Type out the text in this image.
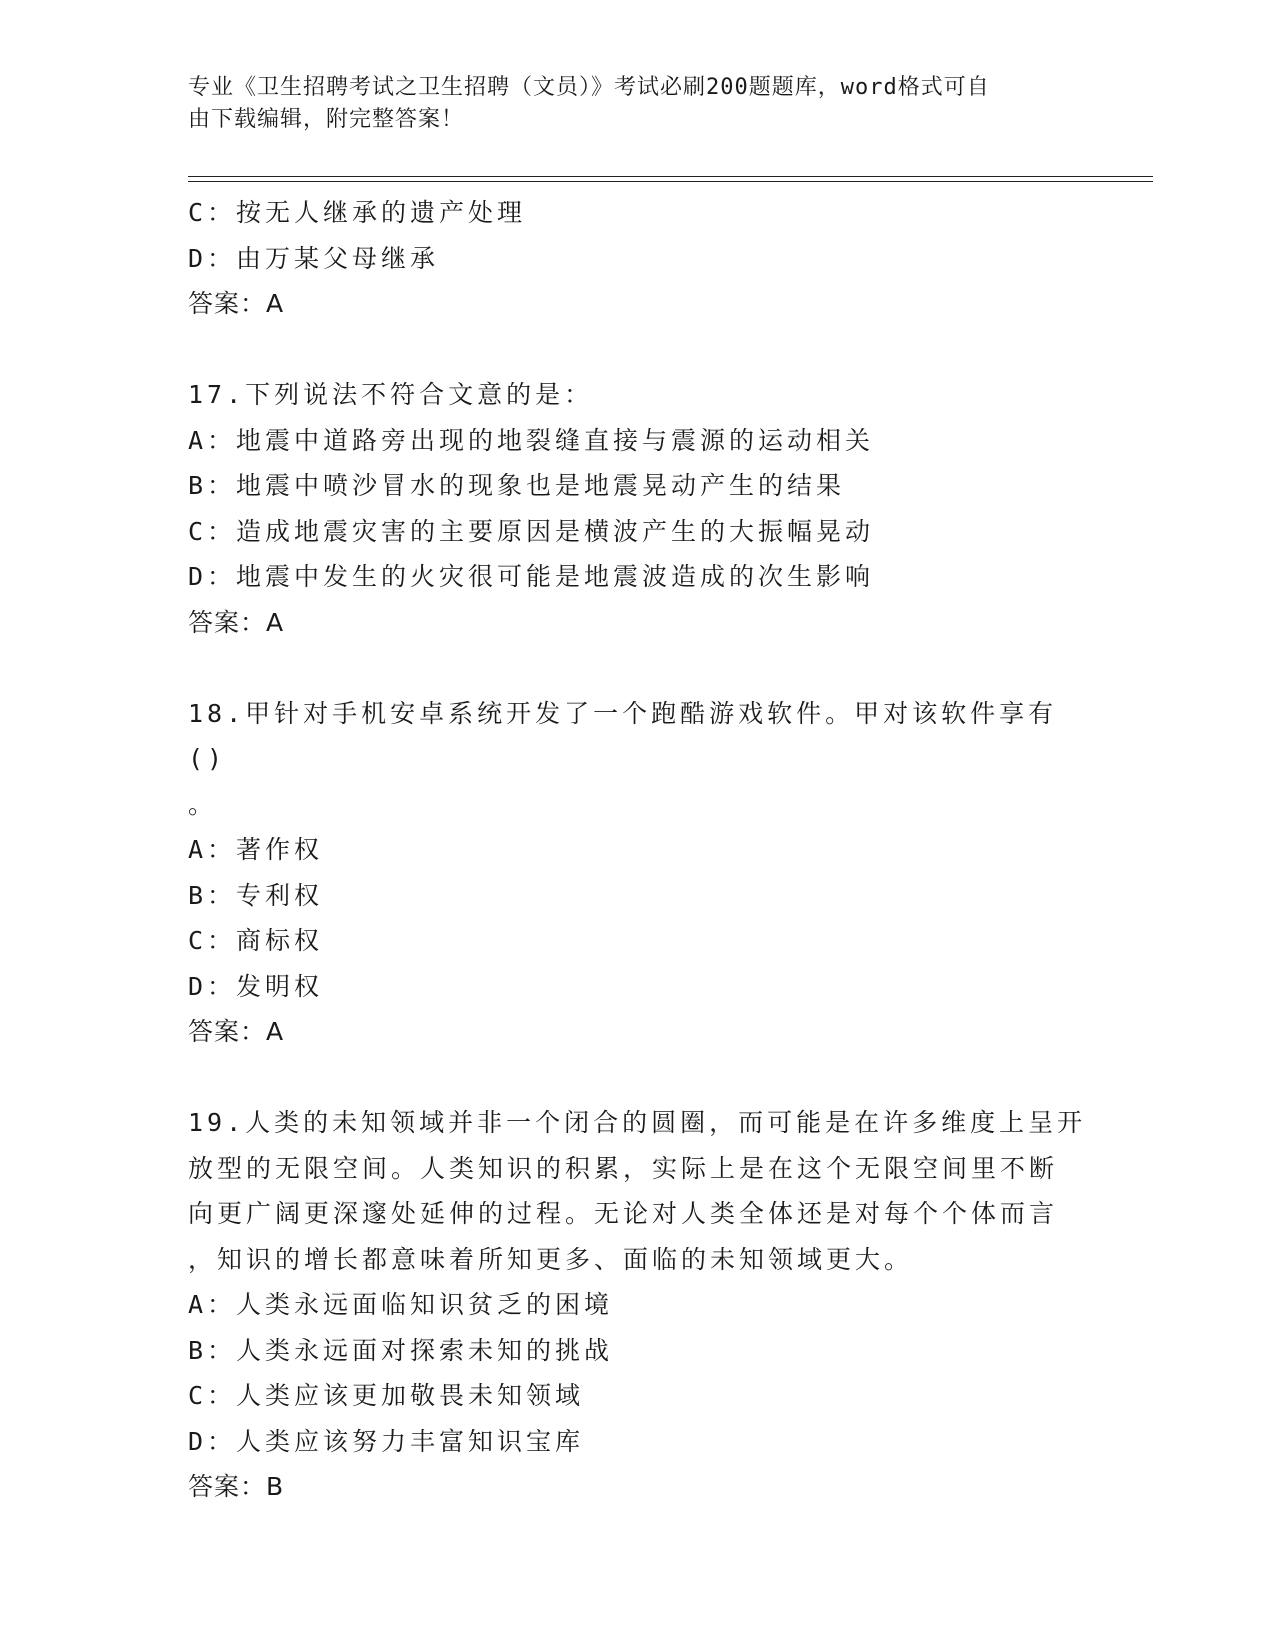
专业《卫生招聘考试之卫生招聘（文员）》考试必刷200题题库，word格式可自
由下载编辑，附完整答案！

C：按无人继承的遗产处理

D：由万某父母继承

答案：A

17.下列说法不符合文意的是：

A：地震中道路旁出现的地裂缝直接与震源的运动相关

B：地震中喷沙冒水的现象也是地震晃动产生的结果

C：造成地震灾害的主要原因是横波产生的大振幅晃动

D：地震中发生的火灾很可能是地震波造成的次生影响

答案：A

18.甲针对手机安卓系统开发了一个跑酷游戏软件。甲对该软件享有()

。

A：著作权

B：专利权

C：商标权

D：发明权

答案：A

19.人类的未知领域并非一个闭合的圆圈，而可能是在许多维度上呈开

放型的无限空间。人类知识的积累，实际上是在这个无限空间里不断

向更广阔更深邃处延伸的过程。无论对人类全体还是对每个个体而言

，知识的增长都意味着所知更多、面临的未知领域更大。

A：人类永远面临知识贫乏的困境

B：人类永远面对探索未知的挑战

C：人类应该更加敬畏未知领域

D：人类应该努力丰富知识宝库

答案：B
